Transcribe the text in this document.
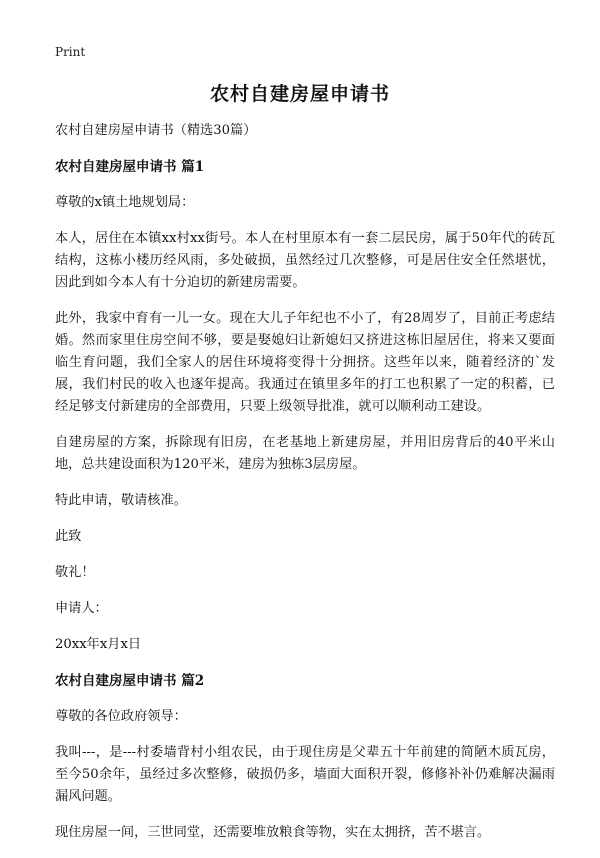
Print
农村自建房屋申请书

农村自建房屋申请书（精选30篇）

农村自建房屋申请书 篇1

尊敬的x镇土地规划局：

本人，居住在本镇xx村xx街号。本人在村里原本有一套二层民房，属于50年代的砖瓦结构，这栋小楼历经风雨，多处破损，虽然经过几次整修，可是居住安全任然堪忧，因此到如今本人有十分迫切的新建房需要。

此外，我家中育有一儿一女。现在大儿子年纪也不小了，有28周岁了，目前正考虑结婚。然而家里住房空间不够，要是娶媳妇让新媳妇又挤进这栋旧屋居住，将来又要面临生育问题，我们全家人的居住环境将变得十分拥挤。这些年以来，随着经济的`发展，我们村民的收入也逐年提高。我通过在镇里多年的打工也积累了一定的积蓄，已经足够支付新建房的全部费用，只要上级领导批准，就可以顺利动工建设。

自建房屋的方案，拆除现有旧房，在老基地上新建房屋，并用旧房背后的40平米山地，总共建设面积为120平米，建房为独栋3层房屋。

特此申请，敬请核准。

此致

敬礼！

申请人：

20xx年x月x日

农村自建房屋申请书 篇2

尊敬的各位政府领导：

我叫---，是---村委墙背村小组农民，由于现住房是父辈五十年前建的简陋木质瓦房，至今50余年，虽经过多次整修，破损仍多，墙面大面积开裂，修修补补仍难解决漏雨漏风问题。

现住房屋一间，三世同堂，还需要堆放粮食等物，实在太拥挤，苦不堪言。
